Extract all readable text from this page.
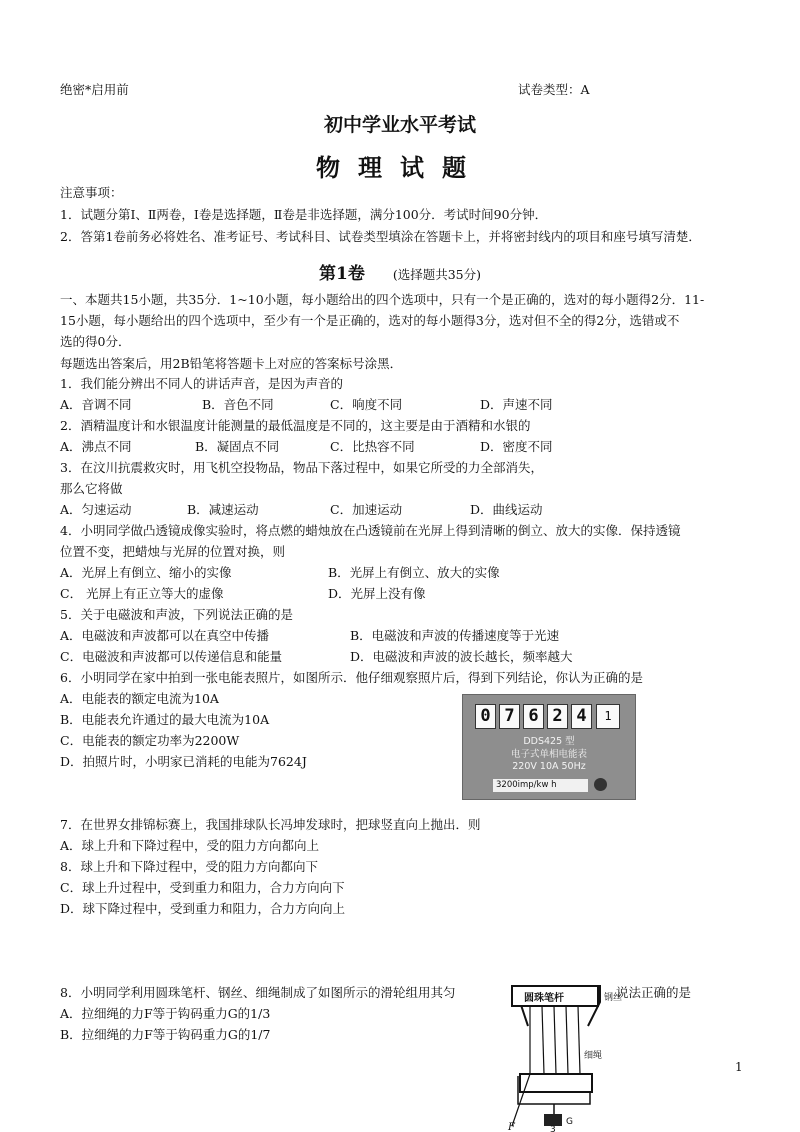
绝密*启用前	试卷类型：A
初中学业水平考试
物理试题
注意事项：
1．试题分第Ⅰ、Ⅱ两卷，I卷是选择题，Ⅱ卷是非选择题，满分100分．考试时间90分钟．
2．答第1卷前务必将姓名、准考证号、考试科目、试卷类型填涂在答题卡上，并将密封线内的项目和座号填写清楚．
第1卷 (选择题共35分)
一、本题共15小题，共35分．1~10小题，每小题给出的四个选项中，只有一个是正确的，选对的每小题得2分．11-
15小题，每小题给出的四个选项中，至少有一个是正确的，选对的每小题得3分，选对但不全的得2分，选错或不
选的得0分．
每题选出答案后，用2B铅笔将答题卡上对应的答案标号涂黑．
1．我们能分辨出不同人的讲话声音，是因为声音的
A．音调不同	B．音色不同	C．响度不同	D．声速不同
2．酒精温度计和水银温度计能测量的最低温度是不同的，这主要是由于酒精和水银的
A．沸点不同	B．凝固点不同	C．比热容不同	D．密度不同
3．在汶川抗震救灾时，用飞机空投物品，物品下落过程中，如果它所受的力全部消失，
那么它将做
A．匀速运动	B．减速运动	C．加速运动	D．曲线运动
4．小明同学做凸透镜成像实验时，将点燃的蜡烛放在凸透镜前在光屏上得到清晰的倒立、放大的实像．保持透镜
位置不变，把蜡烛与光屏的位置对换，则
A．光屏上有倒立、缩小的实像	B．光屏上有倒立、放大的实像
C． 光屏上有正立等大的虚像	D．光屏上没有像
5．关于电磁波和声波，下列说法正确的是
A．电磁波和声波都可以在真空中传播	B．电磁波和声波的传播速度等于光速
C．电磁波和声波都可以传递信息和能量	D．电磁波和声波的波长越长，频率越大
6．小明同学在家中拍到一张电能表照片，如图所示．他仔细观察照片后，得到下列结论，你认为正确的是
A．电能表的额定电流为10A
B．电能表允许通过的最大电流为10A
C．电能表的额定功率为2200W
D．拍照片时，小明家已消耗的电能为7624J
0 7 6 2 4	1
DDS425 型
电子式单相电能表
220V 10A 50Hz
3200imp/kw h
7．在世界女排锦标赛上，我国排球队长冯坤发球时，把球竖直向上抛出．则
A．球上升和下降过程中，受的阻力方向都向上
8．球上升和下降过程中，受的阻力方向都向下
C．球上升过程中，受到重力和阻力，合力方向向下
D．球下降过程中，受到重力和阻力，合力方向向上
8．小明同学利用圆珠笔杆、钢丝、细绳制成了如图所示的滑轮组用其匀	说法正确的是
A．拉细绳的力F等于钩码重力G的1/3
B．拉细绳的力F等于钩码重力G的1/7
圆珠笔杆	钢丝
细绳
F	3
G
1
